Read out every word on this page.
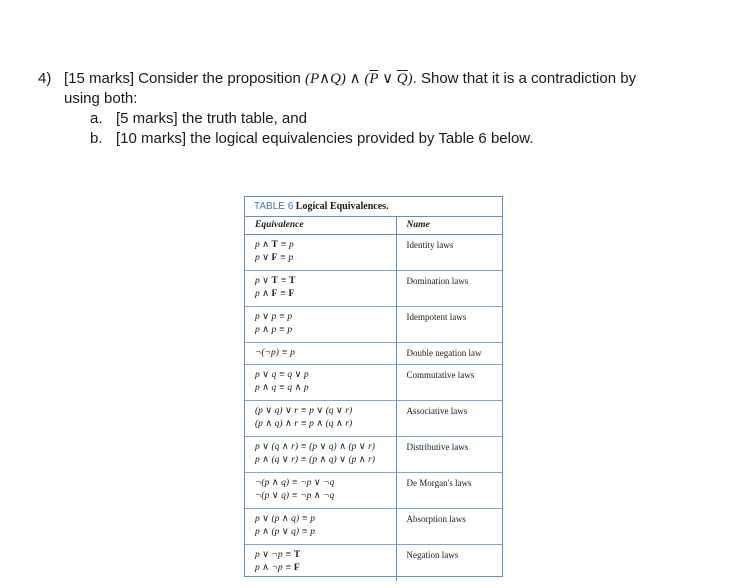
4) [15 marks] Consider the proposition (P∧Q) ∧ ($\overline{P}$ ∨ $\overline{Q}$). Show that it is a contradiction by
using both:
a. [5 marks] the truth table, and
b. [10 marks] the logical equivalencies provided by Table 6 below.
TABLE 6 Logical Equivalences.
Equivalence	Name

p ∧ T ≡ p
p ∨ F ≡ p	Identity laws

p ∨ T ≡ T
p ∧ F ≡ F	Domination laws

p ∨ p ≡ p
p ∧ p ≡ p	Idempotent laws

¬(¬p) ≡ p	Double negation law

p ∨ q ≡ q ∨ p
p ∧ q ≡ q ∧ p	Commutative laws

(p ∨ q) ∨ r ≡ p ∨ (q ∨ r)
(p ∧ q) ∧ r ≡ p ∧ (q ∧ r)	Associative laws

p ∨ (q ∧ r) ≡ (p ∨ q) ∧ (p ∨ r)
p ∧ (q ∨ r) ≡ (p ∧ q) ∨ (p ∧ r)	Distributive laws

¬(p ∧ q) ≡ ¬p ∨ ¬q
¬(p ∨ q) ≡ ¬p ∧ ¬q	De Morgan's laws

p ∨ (p ∧ q) ≡ p
p ∧ (p ∨ q) ≡ p	Absorption laws

p ∨ ¬p ≡ T
p ∧ ¬p ≡ F	Negation laws
